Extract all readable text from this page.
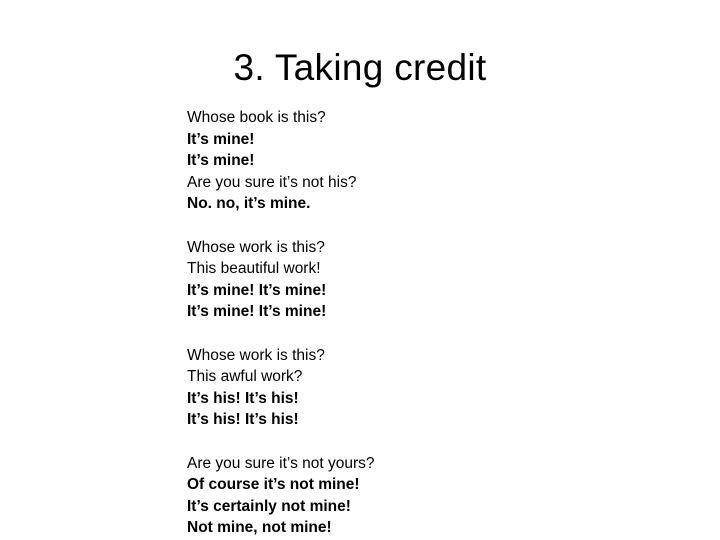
3. Taking credit
Whose book is this?
It’s mine!
It’s mine!
Are you sure it’s not his?
No. no, it’s mine.
Whose work is this?
This beautiful work!
It’s mine! It’s mine!
It’s mine! It’s mine!
Whose work is this?
This awful work?
It’s his! It’s his!
It’s his! It’s his!
Are you sure it’s not yours?
Of course it’s not mine!
It’s certainly not mine!
Not mine, not mine!
